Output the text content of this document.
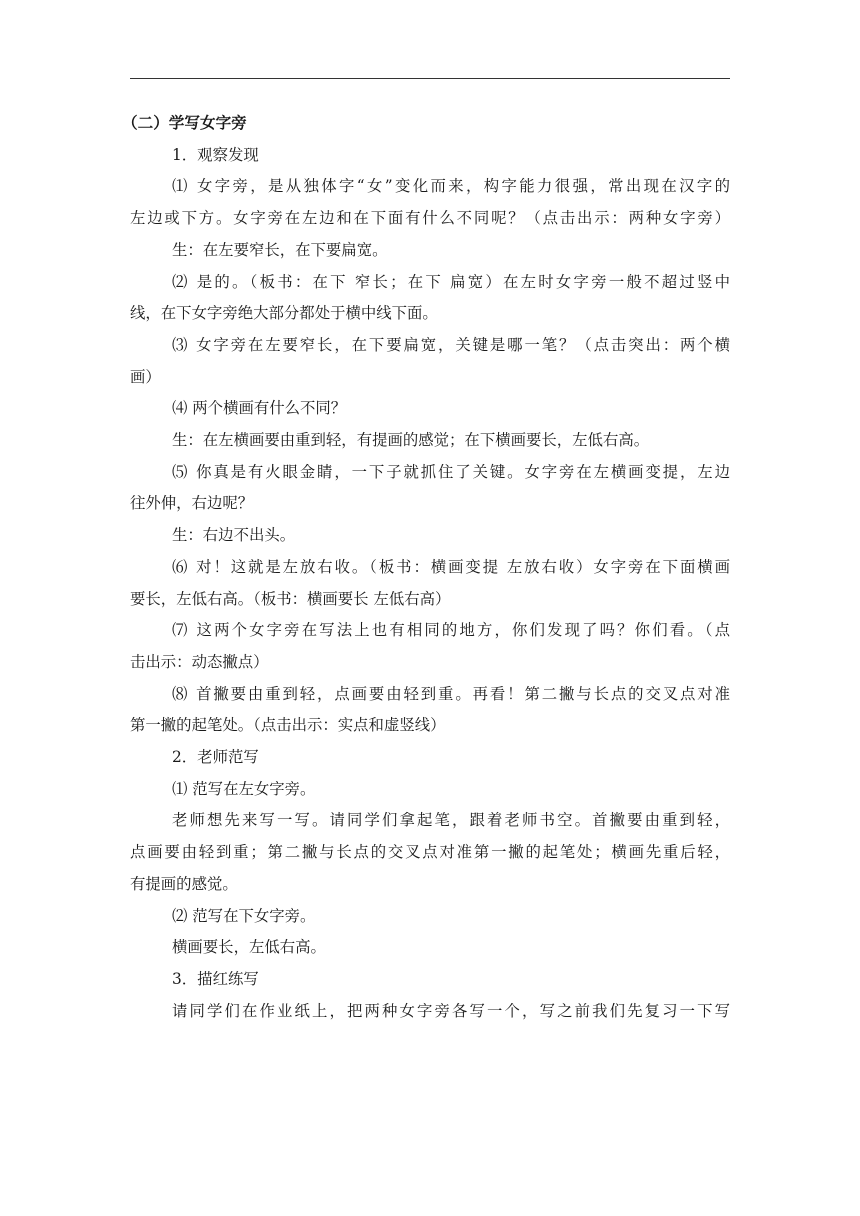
（二）学写女字旁
1．观察发现
⑴ 女字旁，是从独体字“女”变化而来，构字能力很强，常出现在汉字的
左边或下方。女字旁在左边和在下面有什么不同呢？（点击出示：两种女字旁）
生：在左要窄长，在下要扁宽。
⑵ 是的。（板书：在下 窄长；在下 扁宽）在左时女字旁一般不超过竖中
线，在下女字旁绝大部分都处于横中线下面。
⑶ 女字旁在左要窄长，在下要扁宽，关键是哪一笔？（点击突出：两个横
画）
⑷ 两个横画有什么不同？
生：在左横画要由重到轻，有提画的感觉；在下横画要长，左低右高。
⑸ 你真是有火眼金睛，一下子就抓住了关键。女字旁在左横画变提，左边
往外伸，右边呢？
生：右边不出头。
⑹ 对！这就是左放右收。（板书：横画变提 左放右收）女字旁在下面横画
要长，左低右高。（板书：横画要长 左低右高）
⑺ 这两个女字旁在写法上也有相同的地方，你们发现了吗？你们看。（点
击出示：动态撇点）
⑻ 首撇要由重到轻，点画要由轻到重。再看！第二撇与长点的交叉点对准
第一撇的起笔处。（点击出示：实点和虚竖线）
2．老师范写
⑴ 范写在左女字旁。
老师想先来写一写。请同学们拿起笔，跟着老师书空。首撇要由重到轻，
点画要由轻到重；第二撇与长点的交叉点对准第一撇的起笔处；横画先重后轻，
有提画的感觉。
⑵ 范写在下女字旁。
横画要长，左低右高。
3．描红练写
请同学们在作业纸上，把两种女字旁各写一个，写之前我们先复习一下写
